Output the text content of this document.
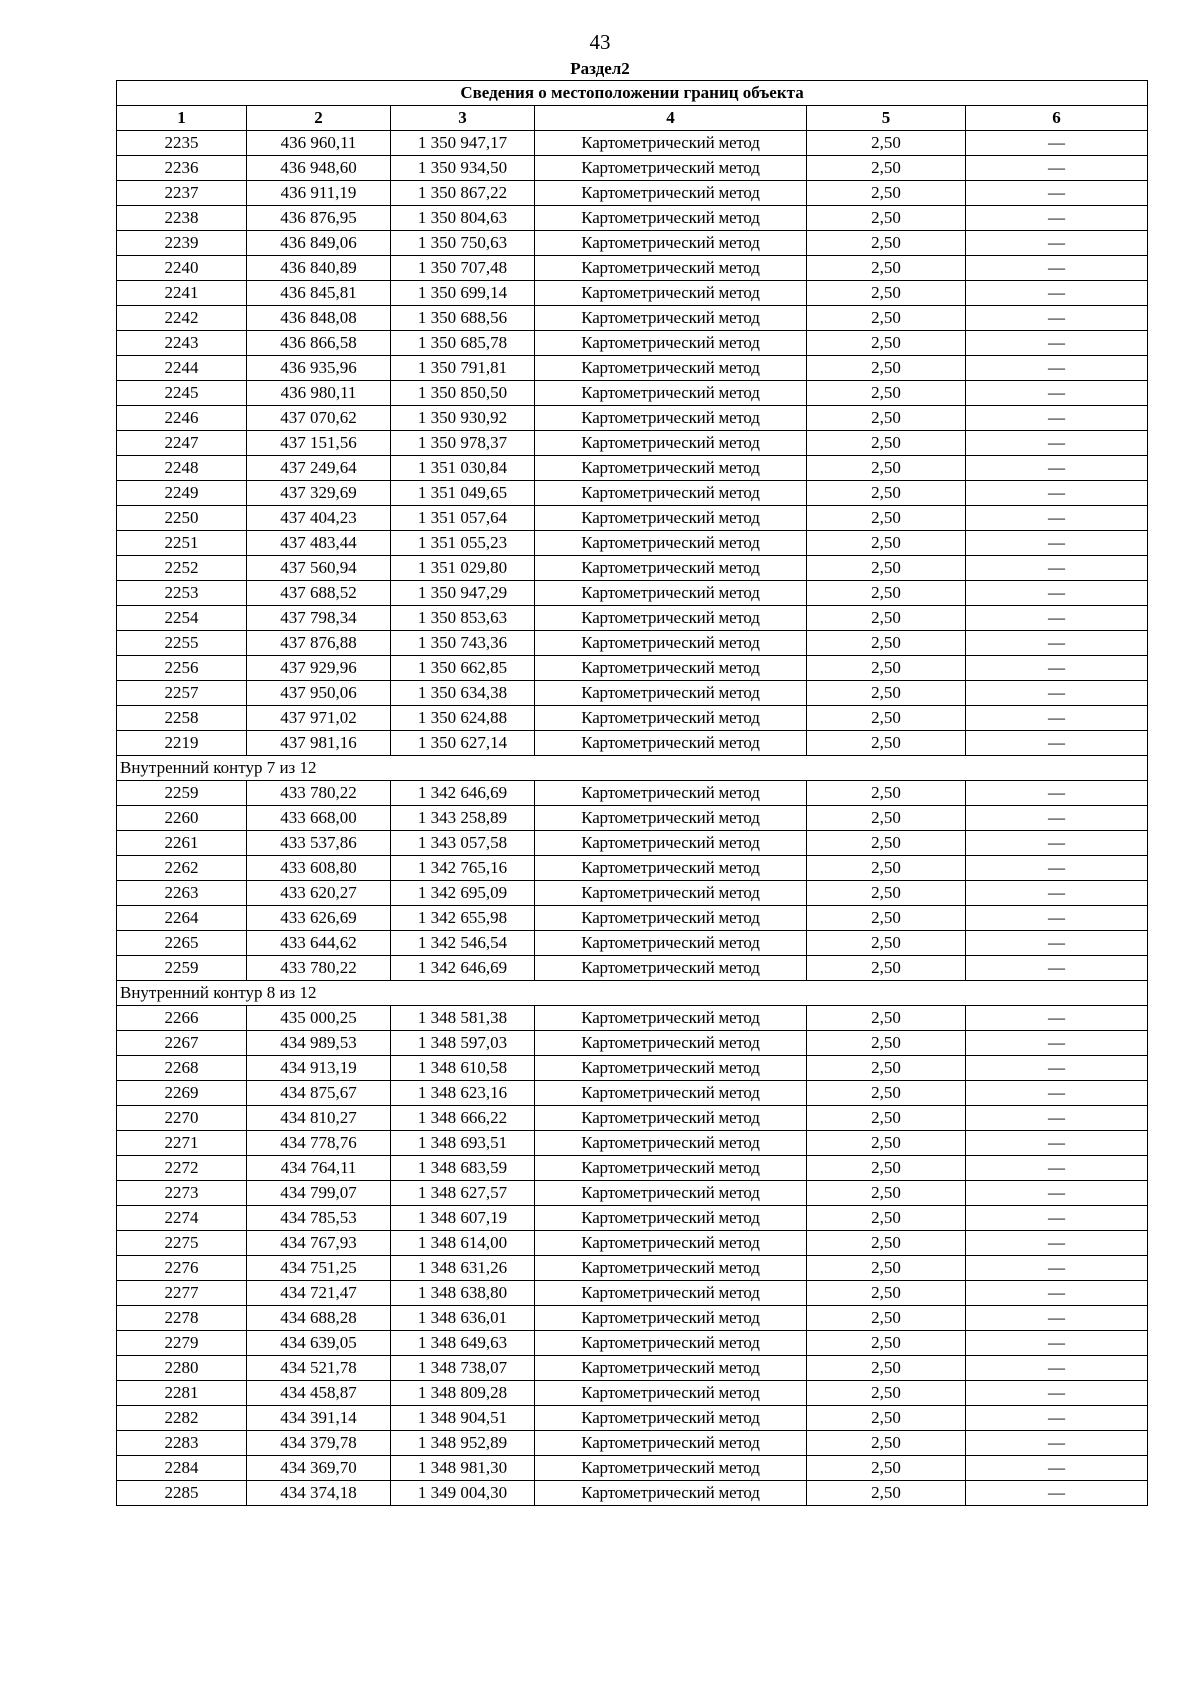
43
Раздел2
Сведения о местоположении границ объекта					
1	2	3	4	5	6
2235	436 960,11	1 350 947,17	Картометрический метод	2,50	—
2236	436 948,60	1 350 934,50	Картометрический метод	2,50	—
2237	436 911,19	1 350 867,22	Картометрический метод	2,50	—
2238	436 876,95	1 350 804,63	Картометрический метод	2,50	—
2239	436 849,06	1 350 750,63	Картометрический метод	2,50	—
2240	436 840,89	1 350 707,48	Картометрический метод	2,50	—
2241	436 845,81	1 350 699,14	Картометрический метод	2,50	—
2242	436 848,08	1 350 688,56	Картометрический метод	2,50	—
2243	436 866,58	1 350 685,78	Картометрический метод	2,50	—
2244	436 935,96	1 350 791,81	Картометрический метод	2,50	—
2245	436 980,11	1 350 850,50	Картометрический метод	2,50	—
2246	437 070,62	1 350 930,92	Картометрический метод	2,50	—
2247	437 151,56	1 350 978,37	Картометрический метод	2,50	—
2248	437 249,64	1 351 030,84	Картометрический метод	2,50	—
2249	437 329,69	1 351 049,65	Картометрический метод	2,50	—
2250	437 404,23	1 351 057,64	Картометрический метод	2,50	—
2251	437 483,44	1 351 055,23	Картометрический метод	2,50	—
2252	437 560,94	1 351 029,80	Картометрический метод	2,50	—
2253	437 688,52	1 350 947,29	Картометрический метод	2,50	—
2254	437 798,34	1 350 853,63	Картометрический метод	2,50	—
2255	437 876,88	1 350 743,36	Картометрический метод	2,50	—
2256	437 929,96	1 350 662,85	Картометрический метод	2,50	—
2257	437 950,06	1 350 634,38	Картометрический метод	2,50	—
2258	437 971,02	1 350 624,88	Картометрический метод	2,50	—
2219	437 981,16	1 350 627,14	Картометрический метод	2,50	—
Внутренний контур 7 из 12					
2259	433 780,22	1 342 646,69	Картометрический метод	2,50	—
2260	433 668,00	1 343 258,89	Картометрический метод	2,50	—
2261	433 537,86	1 343 057,58	Картометрический метод	2,50	—
2262	433 608,80	1 342 765,16	Картометрический метод	2,50	—
2263	433 620,27	1 342 695,09	Картометрический метод	2,50	—
2264	433 626,69	1 342 655,98	Картометрический метод	2,50	—
2265	433 644,62	1 342 546,54	Картометрический метод	2,50	—
2259	433 780,22	1 342 646,69	Картометрический метод	2,50	—
Внутренний контур 8 из 12					
2266	435 000,25	1 348 581,38	Картометрический метод	2,50	—
2267	434 989,53	1 348 597,03	Картометрический метод	2,50	—
2268	434 913,19	1 348 610,58	Картометрический метод	2,50	—
2269	434 875,67	1 348 623,16	Картометрический метод	2,50	—
2270	434 810,27	1 348 666,22	Картометрический метод	2,50	—
2271	434 778,76	1 348 693,51	Картометрический метод	2,50	—
2272	434 764,11	1 348 683,59	Картометрический метод	2,50	—
2273	434 799,07	1 348 627,57	Картометрический метод	2,50	—
2274	434 785,53	1 348 607,19	Картометрический метод	2,50	—
2275	434 767,93	1 348 614,00	Картометрический метод	2,50	—
2276	434 751,25	1 348 631,26	Картометрический метод	2,50	—
2277	434 721,47	1 348 638,80	Картометрический метод	2,50	—
2278	434 688,28	1 348 636,01	Картометрический метод	2,50	—
2279	434 639,05	1 348 649,63	Картометрический метод	2,50	—
2280	434 521,78	1 348 738,07	Картометрический метод	2,50	—
2281	434 458,87	1 348 809,28	Картометрический метод	2,50	—
2282	434 391,14	1 348 904,51	Картометрический метод	2,50	—
2283	434 379,78	1 348 952,89	Картометрический метод	2,50	—
2284	434 369,70	1 348 981,30	Картометрический метод	2,50	—
2285	434 374,18	1 349 004,30	Картометрический метод	2,50	—
